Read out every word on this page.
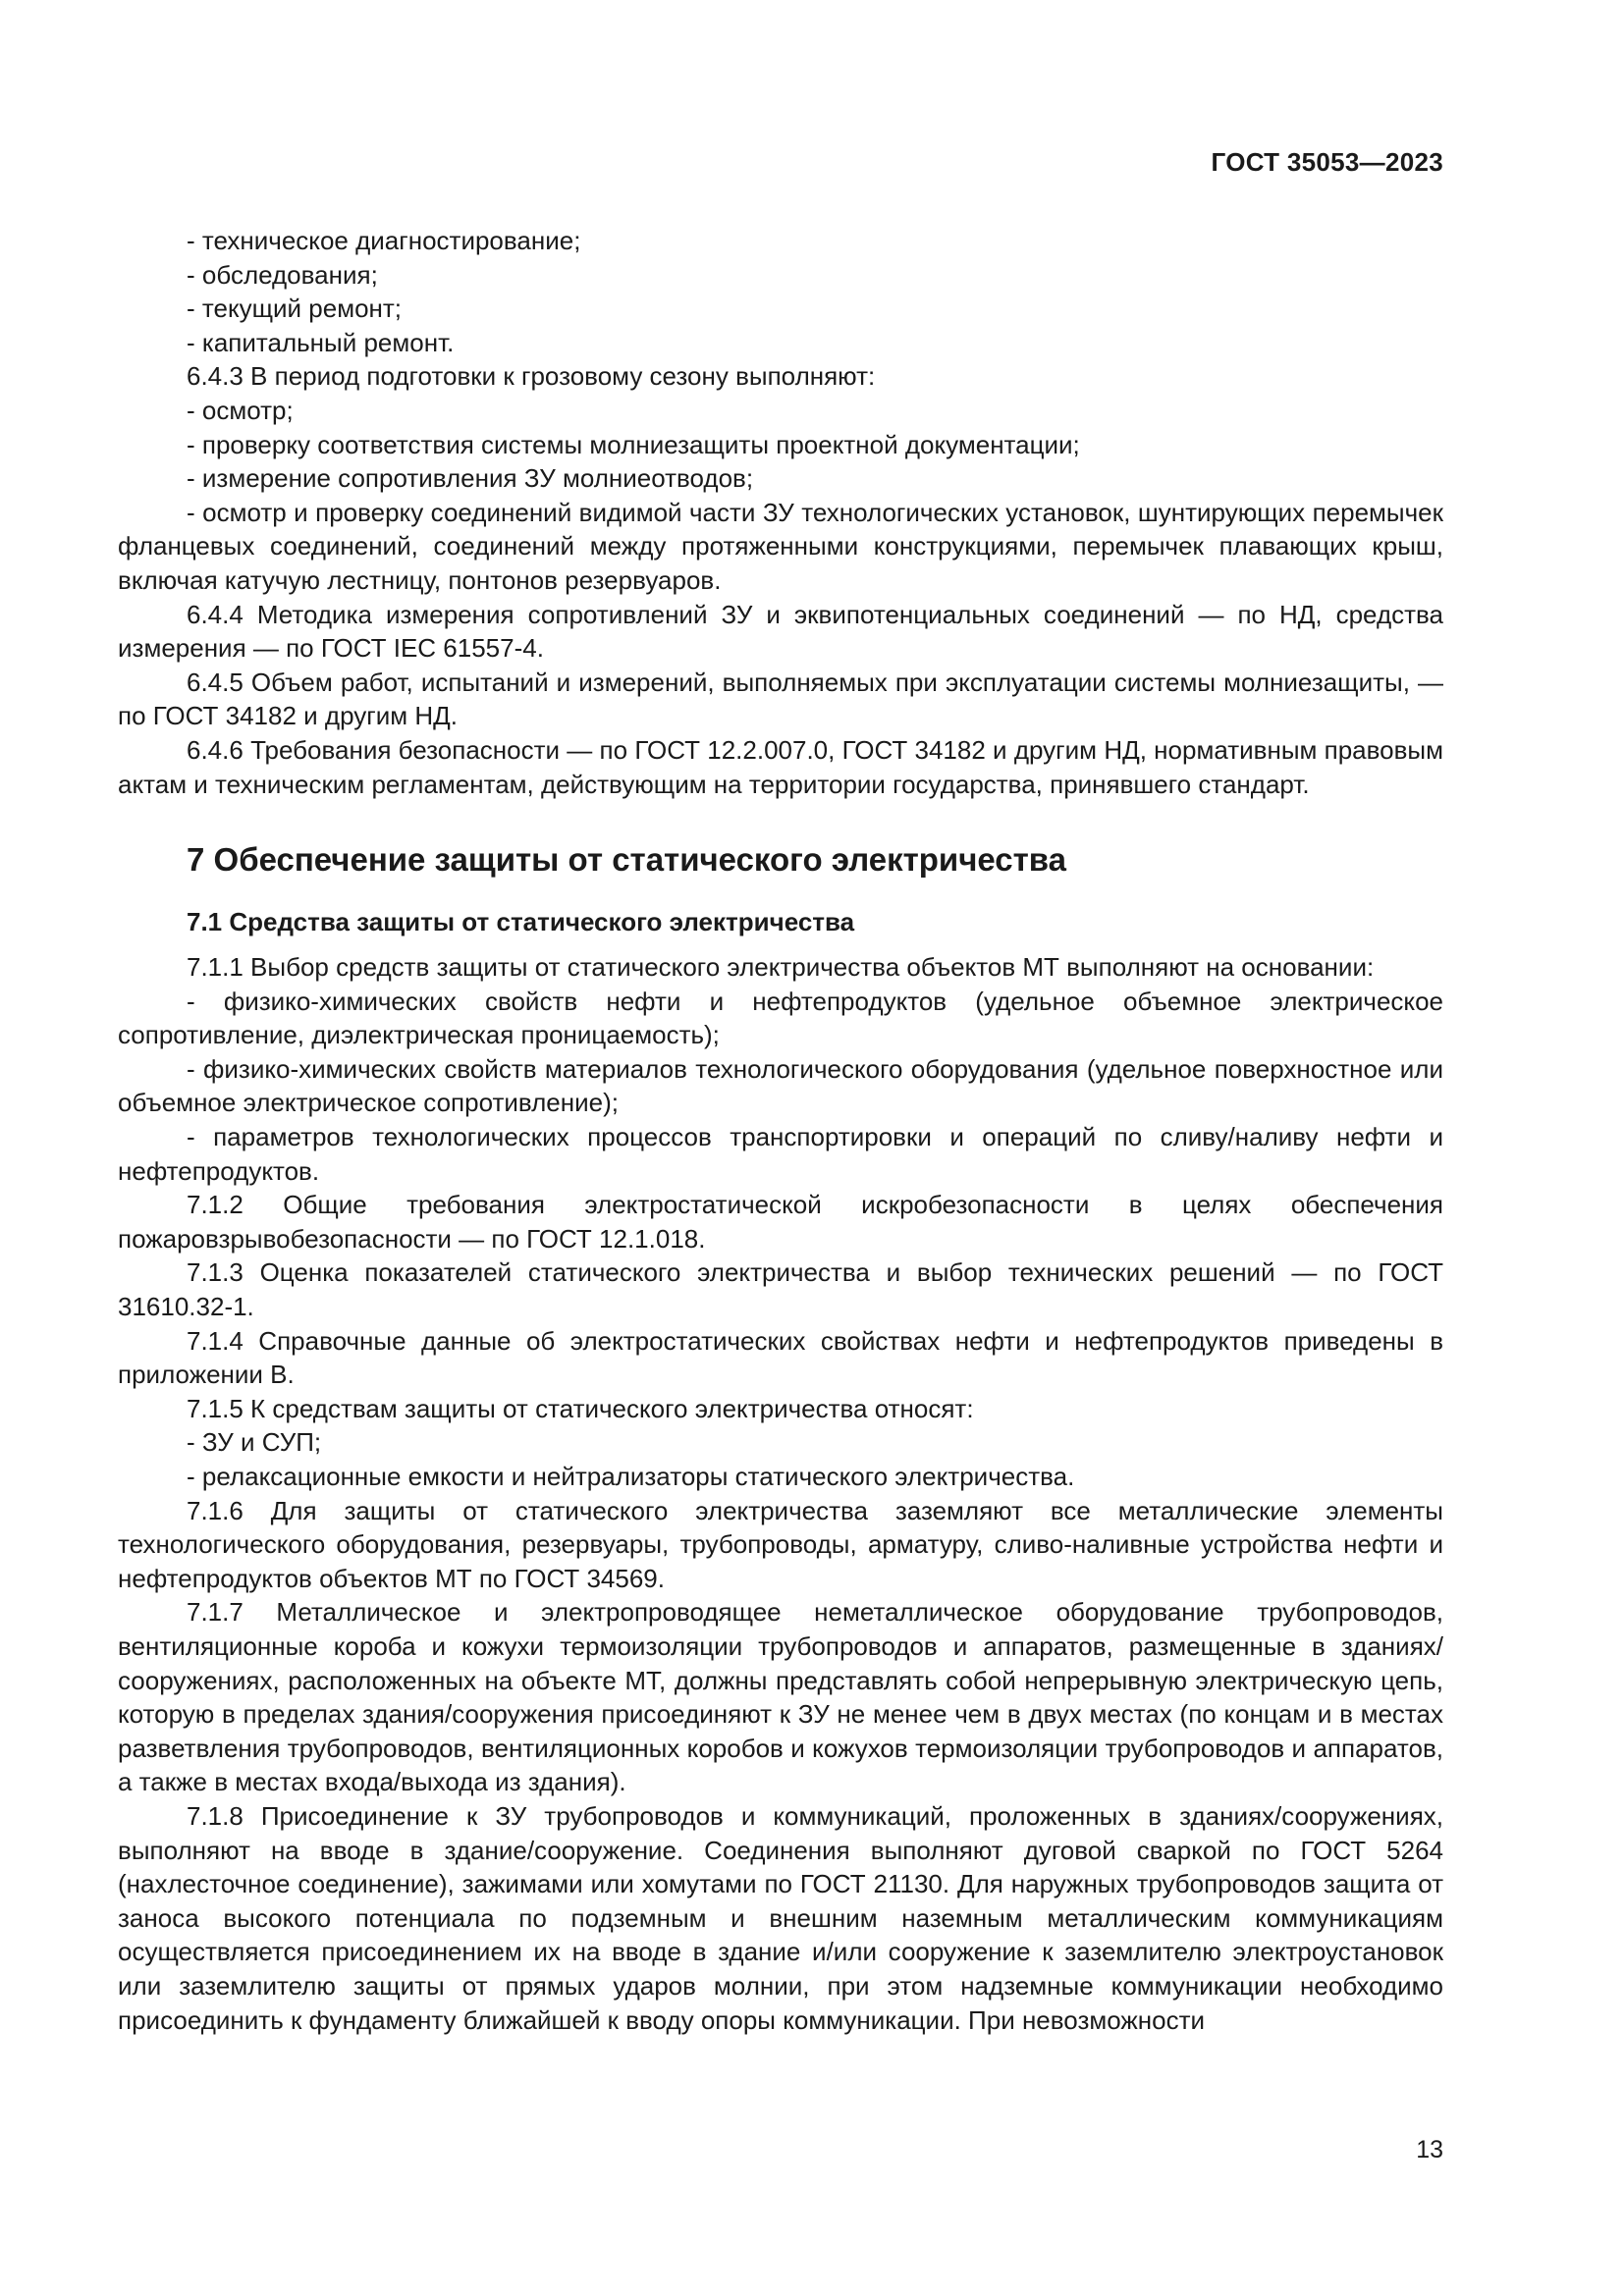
ГОСТ 35053—2023

- техническое диагностирование;

- обследования;

- текущий ремонт;

- капитальный ремонт.

6.4.3 В период подготовки к грозовому сезону выполняют:

- осмотр;

- проверку соответствия системы молниезащиты проектной документации;

- измерение сопротивления ЗУ молниеотводов;

- осмотр и проверку соединений видимой части ЗУ технологических установок, шунтирующих перемычек фланцевых соединений, соединений между протяженными конструкциями, перемычек плавающих крыш, включая катучую лестницу, понтонов резервуаров.

6.4.4 Методика измерения сопротивлений ЗУ и эквипотенциальных соединений — по НД, средства измерения — по ГОСТ IEC 61557-4.

6.4.5 Объем работ, испытаний и измерений, выполняемых при эксплуатации системы молниезащиты, — по ГОСТ 34182 и другим НД.

6.4.6 Требования безопасности — по ГОСТ 12.2.007.0, ГОСТ 34182 и другим НД, нормативным правовым актам и техническим регламентам, действующим на территории государства, принявшего стандарт.

7 Обеспечение защиты от статического электричества
7.1 Средства защиты от статического электричества

7.1.1 Выбор средств защиты от статического электричества объектов МТ выполняют на основании:

- физико-химических свойств нефти и нефтепродуктов (удельное объемное электрическое сопротивление, диэлектрическая проницаемость);

- физико-химических свойств материалов технологического оборудования (удельное поверхностное или объемное электрическое сопротивление);

- параметров технологических процессов транспортировки и операций по сливу/наливу нефти и нефтепродуктов.

7.1.2 Общие требования электростатической искробезопасности в целях обеспечения пожаровзрывобезопасности — по ГОСТ 12.1.018.

7.1.3 Оценка показателей статического электричества и выбор технических решений — по ГОСТ 31610.32-1.

7.1.4 Справочные данные об электростатических свойствах нефти и нефтепродуктов приведены в приложении В.

7.1.5 К средствам защиты от статического электричества относят:

- ЗУ и СУП;

- релаксационные емкости и нейтрализаторы статического электричества.

7.1.6 Для защиты от статического электричества заземляют все металлические элементы технологического оборудования, резервуары, трубопроводы, арматуру, сливо-наливные устройства нефти и нефтепродуктов объектов МТ по ГОСТ 34569.

7.1.7 Металлическое и электропроводящее неметаллическое оборудование трубопроводов, вентиляционные короба и кожухи термоизоляции трубопроводов и аппаратов, размещенные в зданиях/сооружениях, расположенных на объекте МТ, должны представлять собой непрерывную электрическую цепь, которую в пределах здания/сооружения присоединяют к ЗУ не менее чем в двух местах (по концам и в местах разветвления трубопроводов, вентиляционных коробов и кожухов термоизоляции трубопроводов и аппаратов, а также в местах входа/выхода из здания).

7.1.8 Присоединение к ЗУ трубопроводов и коммуникаций, проложенных в зданиях/сооружениях, выполняют на вводе в здание/сооружение. Соединения выполняют дуговой сваркой по ГОСТ 5264 (нахлесточное соединение), зажимами или хомутами по ГОСТ 21130. Для наружных трубопроводов защита от заноса высокого потенциала по подземным и внешним наземным металлическим коммуникациям осуществляется присоединением их на вводе в здание и/или сооружение к заземлителю электроустановок или заземлителю защиты от прямых ударов молнии, при этом надземные коммуникации необходимо присоединить к фундаменту ближайшей к вводу опоры коммуникации. При невозможности

13
